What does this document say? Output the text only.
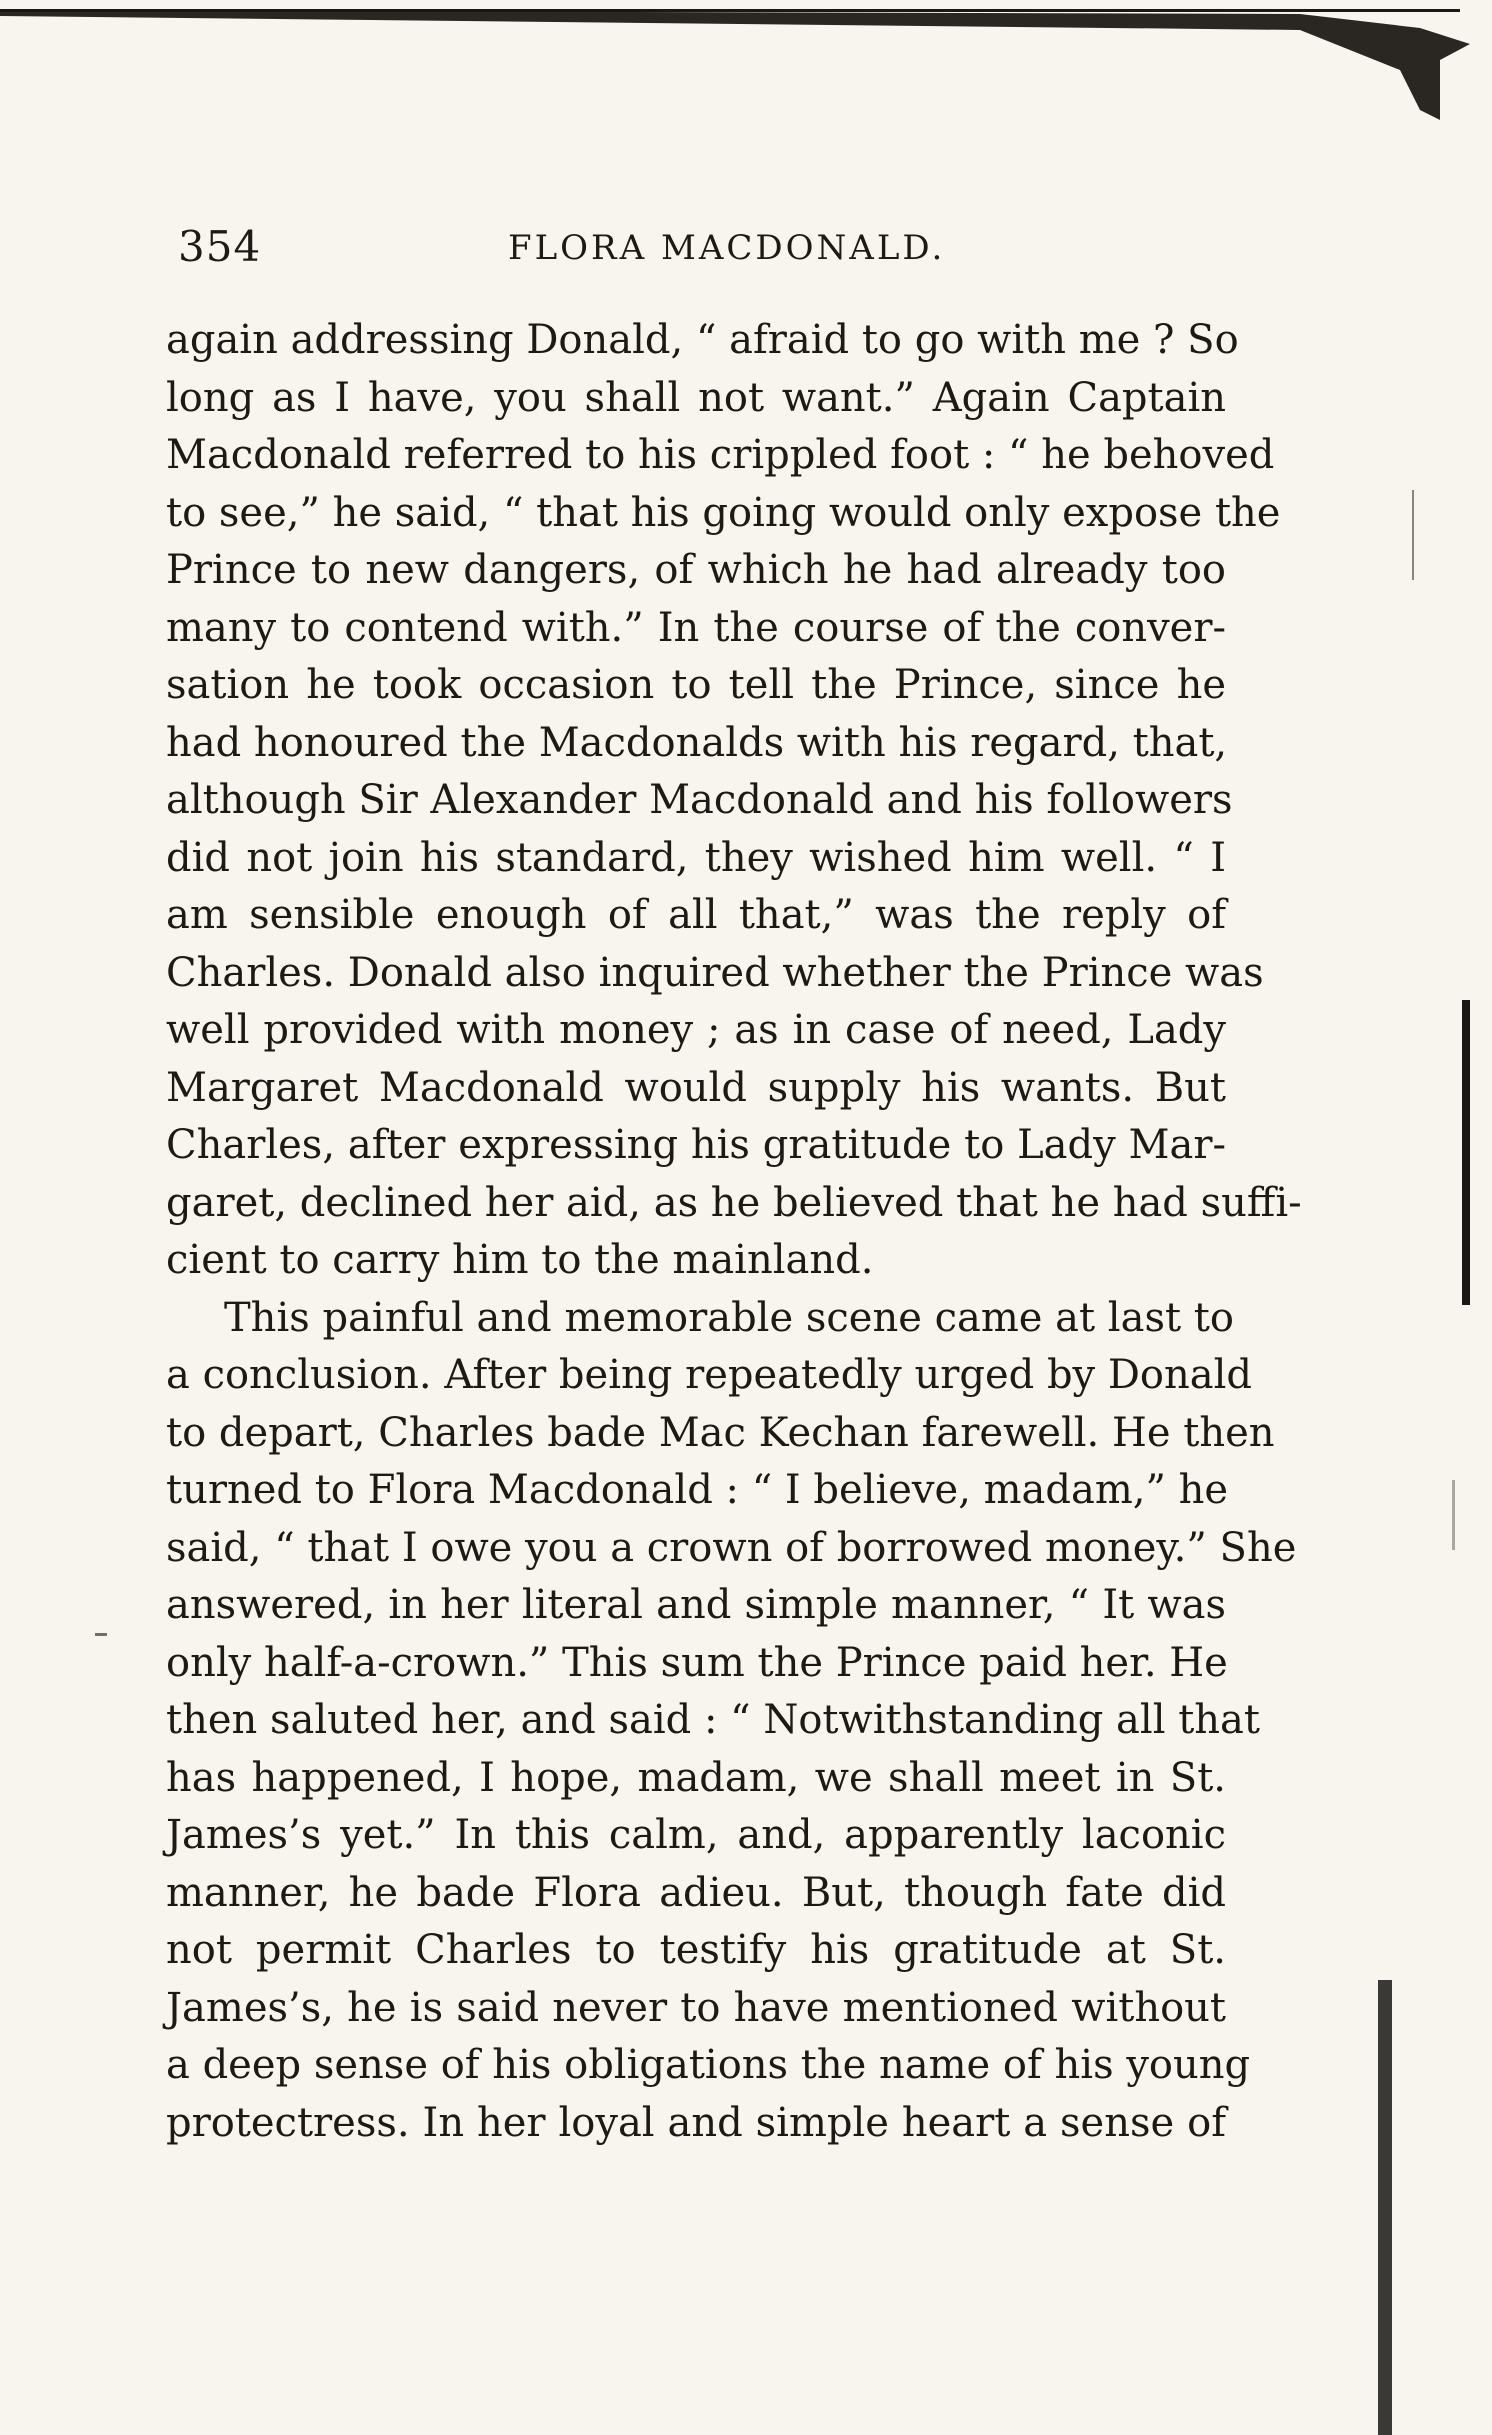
354	FLORA MACDONALD.
again addressing Donald, “ afraid to go with me ? So
long as I have, you shall not want.” Again Captain
Macdonald referred to his crippled foot : “ he behoved
to see,” he said, “ that his going would only expose the
Prince to new dangers, of which he had already too
many to contend with.” In the course of the conver-
sation he took occasion to tell the Prince, since he
had honoured the Macdonalds with his regard, that,
although Sir Alexander Macdonald and his followers
did not join his standard, they wished him well. “ I
am sensible enough of all that,” was the reply of
Charles. Donald also inquired whether the Prince was
well provided with money ; as in case of need, Lady
Margaret Macdonald would supply his wants. But
Charles, after expressing his gratitude to Lady Mar-
garet, declined her aid, as he believed that he had suffi-
cient to carry him to the mainland.
This painful and memorable scene came at last to
a conclusion. After being repeatedly urged by Donald
to depart, Charles bade Mac Kechan farewell. He then
turned to Flora Macdonald : “ I believe, madam,” he
said, “ that I owe you a crown of borrowed money.” She
answered, in her literal and simple manner, “ It was
only half-a-crown.” This sum the Prince paid her. He
then saluted her, and said : “ Notwithstanding all that
has happened, I hope, madam, we shall meet in St.
James’s yet.” In this calm, and, apparently laconic
manner, he bade Flora adieu. But, though fate did
not permit Charles to testify his gratitude at St.
James’s, he is said never to have mentioned without
a deep sense of his obligations the name of his young
protectress. In her loyal and simple heart a sense of
